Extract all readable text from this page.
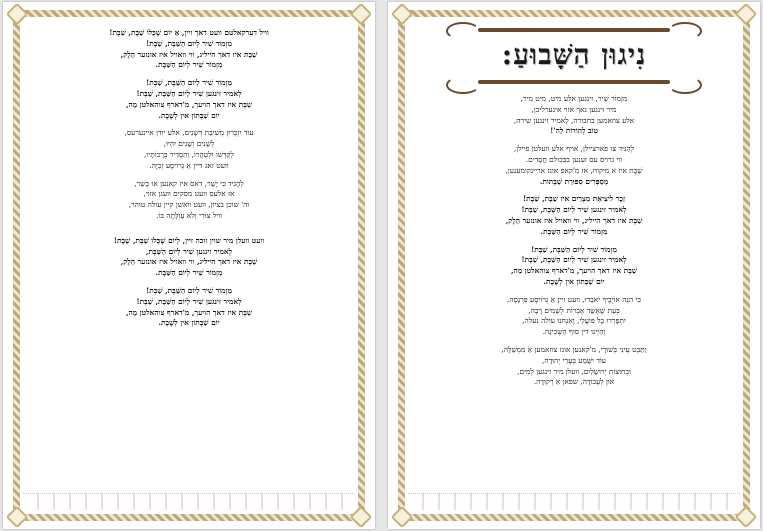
וויל דערקאלטם וועט דאך זיין, אַ יוֹם שֶׁכֻּלוֹ שַׁבָּת, שַׁבָּת!
מִזְמוֹר שִׁיר לְיוֹם הַשַּׁבָּת, שַׁבָּת!
שַׁבָּת איז דאך הייליג, ווי וואויל איז אונזער הֵלֶק,
מִזְמוֹר שִׁיר לְיוֹם הַשַּׁבָּת.
מִזְמוֹר שִׁיר לְיוֹם הַשַּׁבָּת, שַׁבָּת!
לְאמיר זינגען שִׁיר לְיוֹם הַשַּׁבָּת, שַׁבָּת!
שַׁבָּת איז דאך הויעך, מ'דארף צוהאלטן מַה,
יוֹם שַׁבָּתוֹן אין לְשֶׁבֶת.
עוד יִזְכְּרוּן מְשִׁיבַת דְּשָׁנִים, אלע יודן איינערעס,
לְשָׁנִים וְשָׁנִים יִהְיוּ,
לְקַדְּשׁוֹ וּלְטַהֲרוֹ, וְהַסְדִיר בְּרָכוֹתָיו,
וועט זאג דיין אַ גְרוֹיסֶע זְכִיָּה.
לְהָגִיד כִּי יָשָׁר, דאס איז קאנען אוּ כָּשֵׁר,
אז אלעס וועט מסקים וועגן אזוי,
וה' שוכן בציון, וועט וואשן קיין עולה טוהר,
וויל צוּרִי וְלֹא עַוְלָתָה בּוֹ.
וועט וועלן מיר שוין זוכה זיין, לְיוֹם שֶׁכֻּלוֹ שַׁבָּת, שַׁבָּת!
לְאמיר זינגען שִׁיר לְיוֹם הַשַּׁבָּת,
שַׁבָּת איז דאך הייליג, ווי וואויל איז אונזער הֵלֶק,
מִזְמוֹר שִׁיר לְיוֹם הַשַּׁבָּת.
מִזְמוֹר שִׁיר לְיוֹם הַשַּׁבָּת, שַׁבָּת!
לְאמיר זינגען שִׁיר לְיוֹם הַשַּׁבָּת, שַׁבָּת!
שַׁבָּת איז דאך הויעך, מ'דארף צוהאלטן מַה,
יוֹם שַׁבָּתוֹן אין לְשֶׁבֶת.
נִיגוּן הַשָּׁבוּעַ:
מִזְמוֹר שִׁיר, זינגען אלע מיט, מיט מיר,
מיר זינגען נאך אזוי אינערליכן,
אלע צוזאמען בחבורה, לְאמיר זינגען שירה,
טוֹב לְהוֹדוֹת לַה'!
לְהַגִּיד צו פארציילן, אויף אלע וועלטן פיילן,
ווי גרויס עס זענען בבּכולם חֲסָדִים.
שַׁבָּת איז א מיקוה, אז מ'קאפ אונז אריינקומענען,
מְסַפְּרִים סִפּוּרַת שַׁבָּתוֹת.
זֵכֶר לִיצִיאַת מִצְרַיִם איז שַׁבָּת, שַׁבָּת!
לְאמיר זינגען שִׁיר לְיוֹם הַשַּׁבָּת, שַׁבָּת!
שַׁבָּת איז דאך הייליג, ווי וואויל איז אונזער הֵלֶק,
מִזְמוֹר שִׁיר לְיוֹם הַשַּׁבָּת.
מִזְמוֹר שִׁיר לְיוֹם הַשַּׁבָּת, שַׁבָּת!
לְאמיר זינגען שִׁיר לְיוֹם הַשַּׁבָּת, שַׁבָּת!
שַׁבָּת איז דאך הויעך, מ'דארף צוהאלטן מַה,
יוֹם שַׁבָּתוֹן אין לְשֶׁבֶת.
כִּי הִנֵּה אוֹיְבֶיךָ יֹאבֵדוּ, וועט זיין אַ גְרוֹיסֶע פַּרְנָסָה,
בְּעֵת שֶׁאֵשֵׁד אֶבְרוֹת לְשֵׁמִים רָבָה,
יִתְפָּרְדוּ כָּל פּוֹעֲלֵי, וְאַנְחנוּ עולה נעלה,
וְהַיְינוּ דין סוף הַשְּׁכִינָה.
וַתַּבֵּט עֵינִי בְּשׁוּרָי, מ'קאנען אונז צוזאמען אַ מִמְשַׁלָה,
עוֹד יִשָּׁמַע בְּעָרֵי יְהוּדָה,
וּבְחוּצוֹת יְרוּשָׁלַיִם, וועלן מיר זינגען לְמִים,
אוּן לְעַבוֹדָה, שפאן אַ רְקוּדָה.
